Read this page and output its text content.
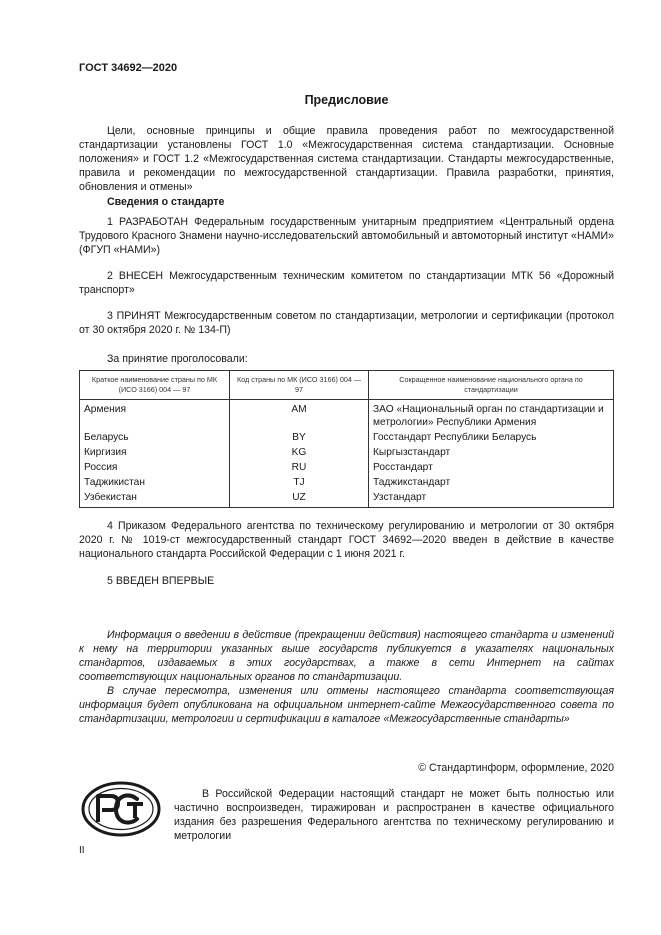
ГОСТ 34692—2020
Предисловие
Цели, основные принципы и общие правила проведения работ по межгосударственной стандартизации установлены ГОСТ 1.0 «Межгосударственная система стандартизации. Основные положения» и ГОСТ 1.2 «Межгосударственная система стандартизации. Стандарты межгосударственные, правила и рекомендации по межгосударственной стандартизации. Правила разработки, принятия, обновления и отмены»
Сведения о стандарте
1 РАЗРАБОТАН Федеральным государственным унитарным предприятием «Центральный ордена Трудового Красного Знамени научно-исследовательский автомобильный и автомоторный институт «НАМИ» (ФГУП «НАМИ»)
2 ВНЕСЕН Межгосударственным техническим комитетом по стандартизации МТК 56 «Дорожный транспорт»
3 ПРИНЯТ Межгосударственным советом по стандартизации, метрологии и сертификации (протокол от 30 октября 2020 г. № 134-П)
За принятие проголосовали:
Краткое наименование страны по МК (ИСО 3166) 004 — 97	Код страны по МК (ИСО 3166) 004 — 97	Сокращенное наименование национального органа по стандартизации
Армения	AM	ЗАО «Национальный орган по стандартизации и метрологии» Республики Армения
Беларусь	BY	Госстандарт Республики Беларусь
Киргизия	KG	Кыргызстандарт
Россия	RU	Росстандарт
Таджикистан	TJ	Таджикстандарт
Узбекистан	UZ	Узстандарт
4 Приказом Федерального агентства по техническому регулированию и метрологии от 30 октября 2020 г. № 1019-ст межгосударственный стандарт ГОСТ 34692—2020 введен в действие в качестве национального стандарта Российской Федерации с 1 июня 2021 г.
5 ВВЕДЕН ВПЕРВЫЕ
Информация о введении в действие (прекращении действия) настоящего стандарта и изменений к нему на территории указанных выше государств публикуется в указателях национальных стандартов, издаваемых в этих государствах, а также в сети Интернет на сайтах соответствующих национальных органов по стандартизации.
В случае пересмотра, изменения или отмены настоящего стандарта соответствующая информация будет опубликована на официальном интернет-сайте Межгосударственного совета по стандартизации, метрологии и сертификации в каталоге «Межгосударственные стандарты»
© Стандартинформ, оформление, 2020
В Российской Федерации настоящий стандарт не может быть полностью или частично воспроизведен, тиражирован и распространен в качестве официального издания без разрешения Федерального агентства по техническому регулированию и метрологии
II
